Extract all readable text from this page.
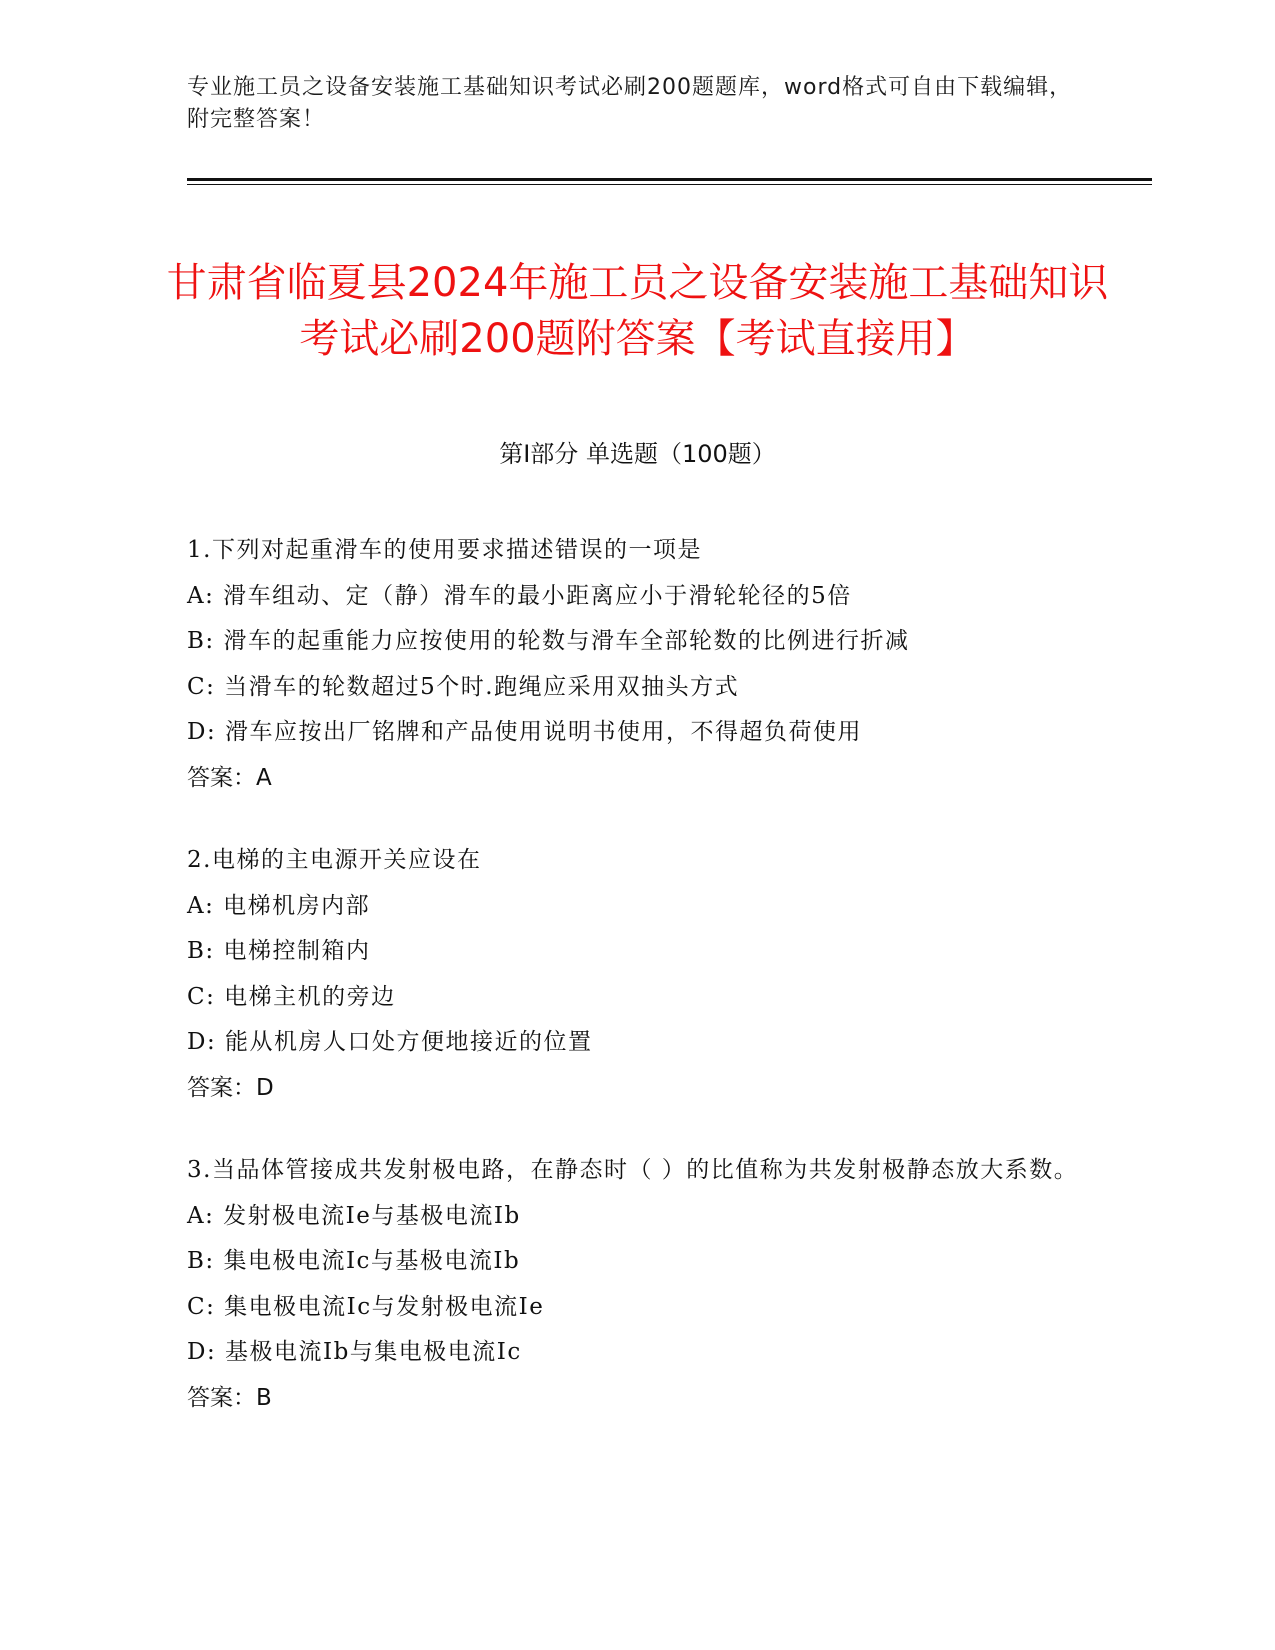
专业施工员之设备安装施工基础知识考试必刷200题题库，word格式可自由下载编辑，附完整答案！
甘肃省临夏县2024年施工员之设备安装施工基础知识考试必刷200题附答案【考试直接用】
第Ⅰ部分 单选题（100题）
1.下列对起重滑车的使用要求描述错误的一项是
A: 滑车组动、定（静）滑车的最小距离应小于滑轮轮径的5倍
B: 滑车的起重能力应按使用的轮数与滑车全部轮数的比例进行折减
C: 当滑车的轮数超过5个时.跑绳应采用双抽头方式
D: 滑车应按出厂铭牌和产品使用说明书使用，不得超负荷使用
答案：A
2.电梯的主电源开关应设在
A: 电梯机房内部
B: 电梯控制箱内
C: 电梯主机的旁边
D: 能从机房人口处方便地接近的位置
答案：D
3.当品体管接成共发射极电路，在静态时（ ）的比值称为共发射极静态放大系数。
A: 发射极电流Ie与基极电流Ib
B: 集电极电流Ic与基极电流Ib
C: 集电极电流Ic与发射极电流Ie
D: 基极电流Ib与集电极电流Ic
答案：B
